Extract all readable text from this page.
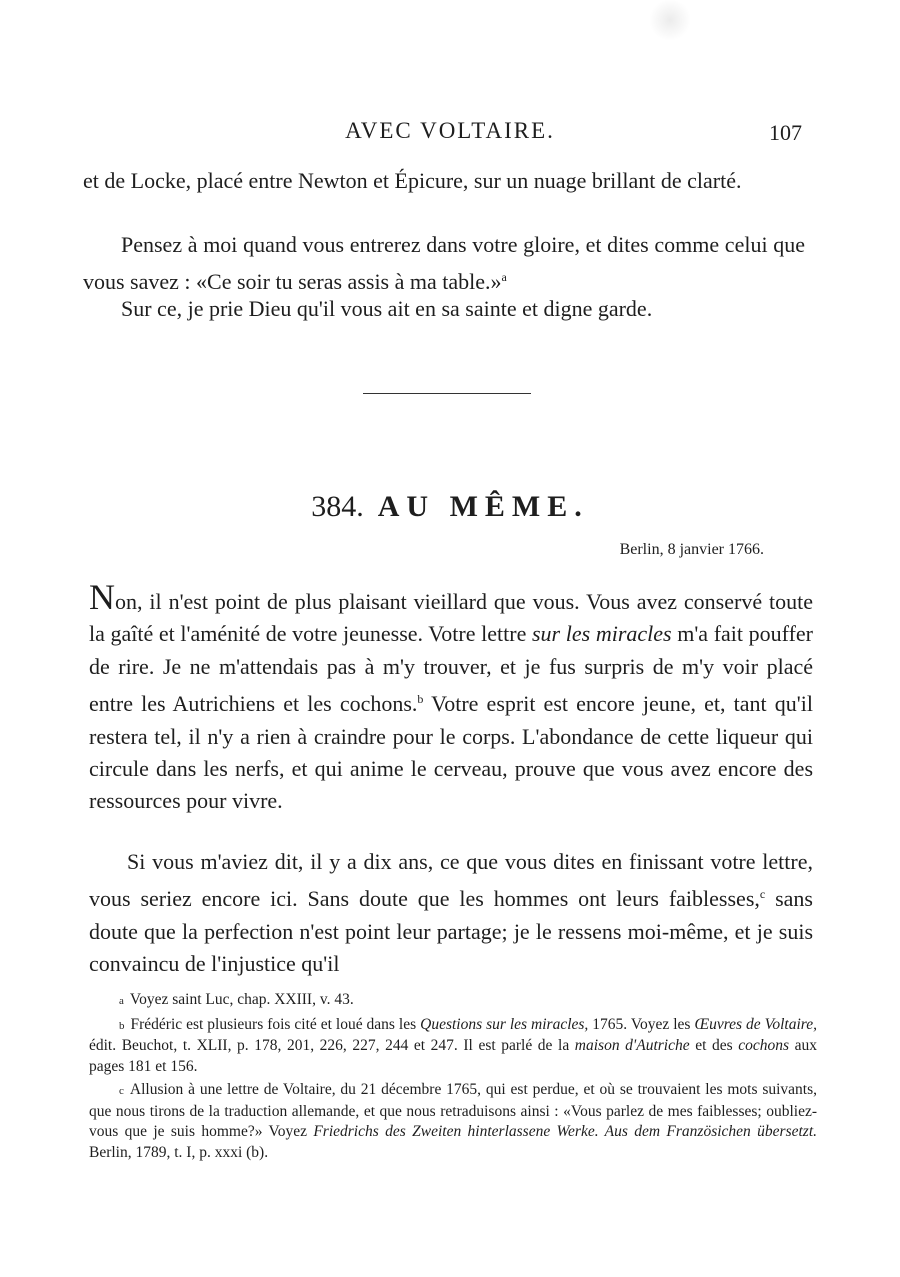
AVEC VOLTAIRE.	107

et de Locke, placé entre Newton et Épicure, sur un nuage brillant de clarté.

Pensez à moi quand vous entrerez dans votre gloire, et dites comme celui que vous savez : «Ce soir tu seras assis à ma table.»$^a$

Sur ce, je prie Dieu qu'il vous ait en sa sainte et digne garde.

384. AU MÊME.
Berlin, 8 janvier 1766.

Non, il n'est point de plus plaisant vieillard que vous. Vous avez conservé toute la gaîté et l'aménité de votre jeunesse. Votre lettre sur les miracles m'a fait pouffer de rire. Je ne m'attendais pas à m'y trouver, et je fus surpris de m'y voir placé entre les Autrichiens et les cochons.$^b$ Votre esprit est encore jeune, et, tant qu'il restera tel, il n'y a rien à craindre pour le corps. L'abondance de cette liqueur qui circule dans les nerfs, et qui anime le cerveau, prouve que vous avez encore des ressources pour vivre.

Si vous m'aviez dit, il y a dix ans, ce que vous dites en finissant votre lettre, vous seriez encore ici. Sans doute que les hommes ont leurs faiblesses,$^c$ sans doute que la perfection n'est point leur partage; je le ressens moi-même, et je suis convaincu de l'injustice qu'il

a Voyez saint Luc, chap. XXIII, v. 43.

b Frédéric est plusieurs fois cité et loué dans les Questions sur les miracles, 1765. Voyez les Œuvres de Voltaire, édit. Beuchot, t. XLII, p. 178, 201, 226, 227, 244 et 247. Il est parlé de la maison d'Autriche et des cochons aux pages 181 et 156.

c Allusion à une lettre de Voltaire, du 21 décembre 1765, qui est perdue, et où se trouvaient les mots suivants, que nous tirons de la traduction allemande, et que nous retraduisons ainsi : «Vous parlez de mes faiblesses; oubliez-vous que je suis homme?» Voyez Friedrichs des Zweiten hinterlassene Werke. Aus dem Französichen übersetzt. Berlin, 1789, t. I, p. xxxi (b).
